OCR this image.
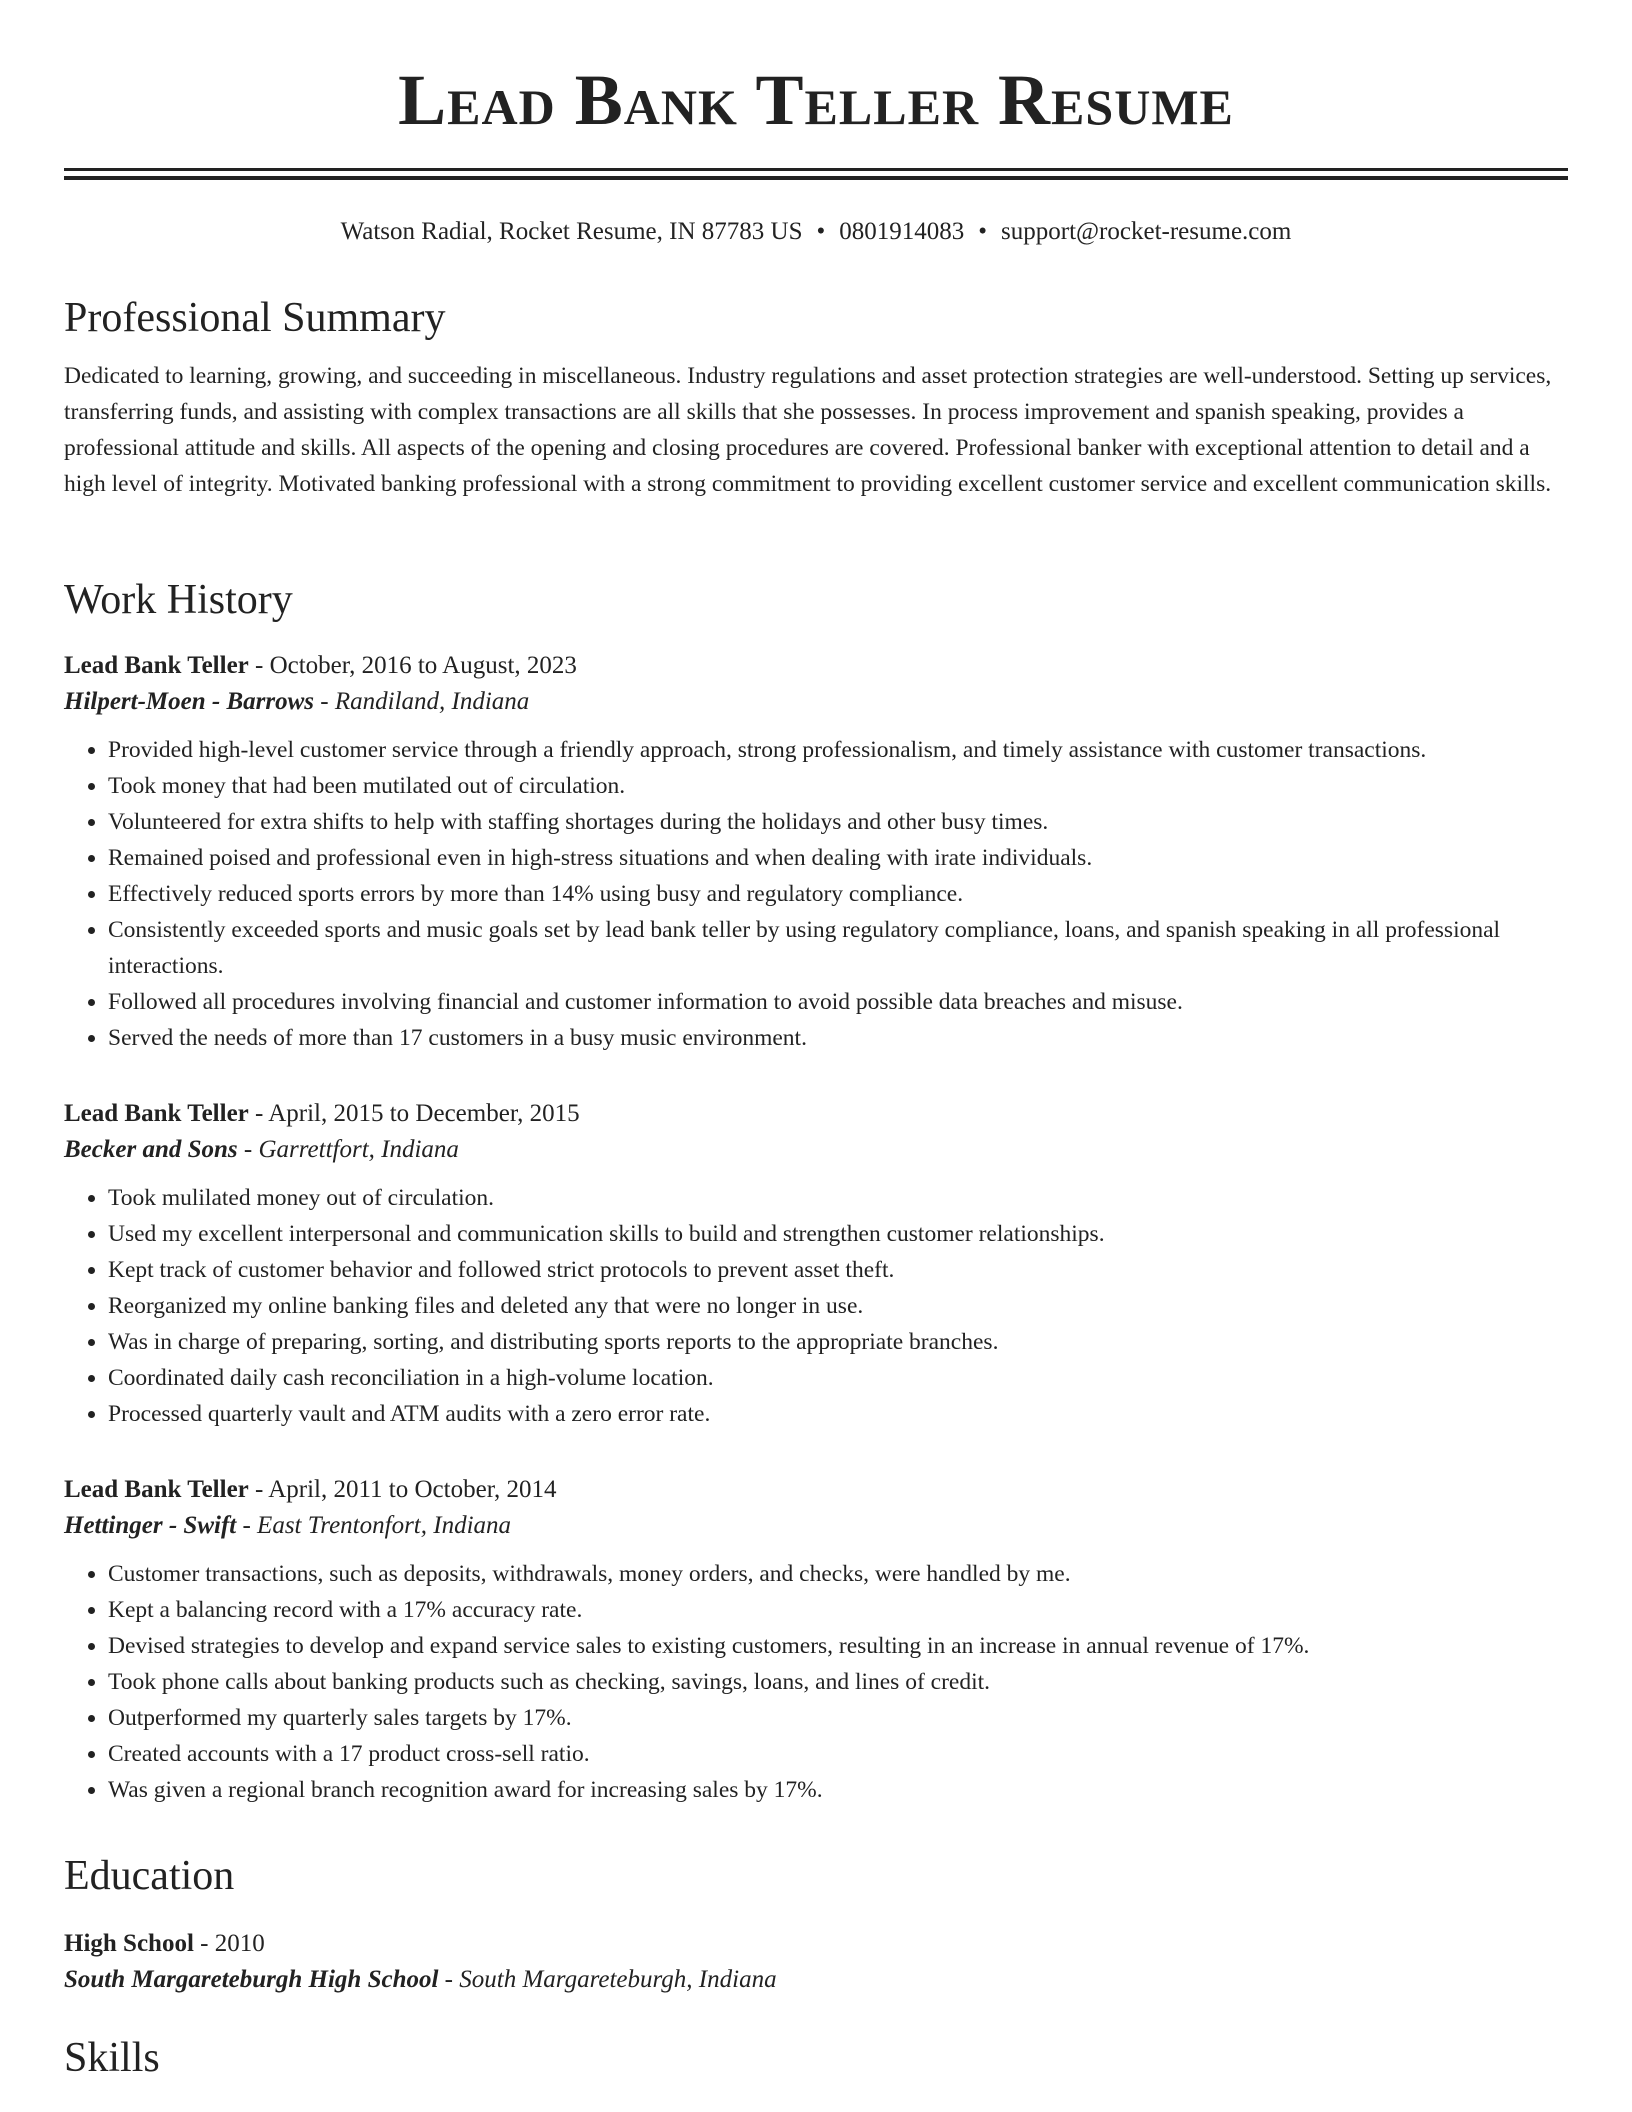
Lead Bank Teller Resume
Watson Radial, Rocket Resume, IN 87783 US • 0801914083 • support@rocket-resume.com
Professional Summary

Dedicated to learning, growing, and succeeding in miscellaneous. Industry regulations and asset protection strategies are well-understood. Setting up services, transferring funds, and assisting with complex transactions are all skills that she possesses. In process improvement and spanish speaking, provides a professional attitude and skills. All aspects of the opening and closing procedures are covered. Professional banker with exceptional attention to detail and a high level of integrity. Motivated banking professional with a strong commitment to providing excellent customer service and excellent communication skills.

Work History
Lead Bank Teller - October, 2016 to August, 2023
Hilpert-Moen - Barrows - Randiland, Indiana
• Provided high-level customer service through a friendly approach, strong professionalism, and timely assistance with customer transactions.
• Took money that had been mutilated out of circulation.
• Volunteered for extra shifts to help with staffing shortages during the holidays and other busy times.
• Remained poised and professional even in high-stress situations and when dealing with irate individuals.
• Effectively reduced sports errors by more than 14% using busy and regulatory compliance.
• Consistently exceeded sports and music goals set by lead bank teller by using regulatory compliance, loans, and spanish speaking in all professional interactions.
• Followed all procedures involving financial and customer information to avoid possible data breaches and misuse.
• Served the needs of more than 17 customers in a busy music environment.
Lead Bank Teller - April, 2015 to December, 2015
Becker and Sons - Garrettfort, Indiana
• Took mulilated money out of circulation.
• Used my excellent interpersonal and communication skills to build and strengthen customer relationships.
• Kept track of customer behavior and followed strict protocols to prevent asset theft.
• Reorganized my online banking files and deleted any that were no longer in use.
• Was in charge of preparing, sorting, and distributing sports reports to the appropriate branches.
• Coordinated daily cash reconciliation in a high-volume location.
• Processed quarterly vault and ATM audits with a zero error rate.
Lead Bank Teller - April, 2011 to October, 2014
Hettinger - Swift - East Trentonfort, Indiana
• Customer transactions, such as deposits, withdrawals, money orders, and checks, were handled by me.
• Kept a balancing record with a 17% accuracy rate.
• Devised strategies to develop and expand service sales to existing customers, resulting in an increase in annual revenue of 17%.
• Took phone calls about banking products such as checking, savings, loans, and lines of credit.
• Outperformed my quarterly sales targets by 17%.
• Created accounts with a 17 product cross-sell ratio.
• Was given a regional branch recognition award for increasing sales by 17%.
Education
High School - 2010
South Margareteburgh High School - South Margareteburgh, Indiana
Skills
